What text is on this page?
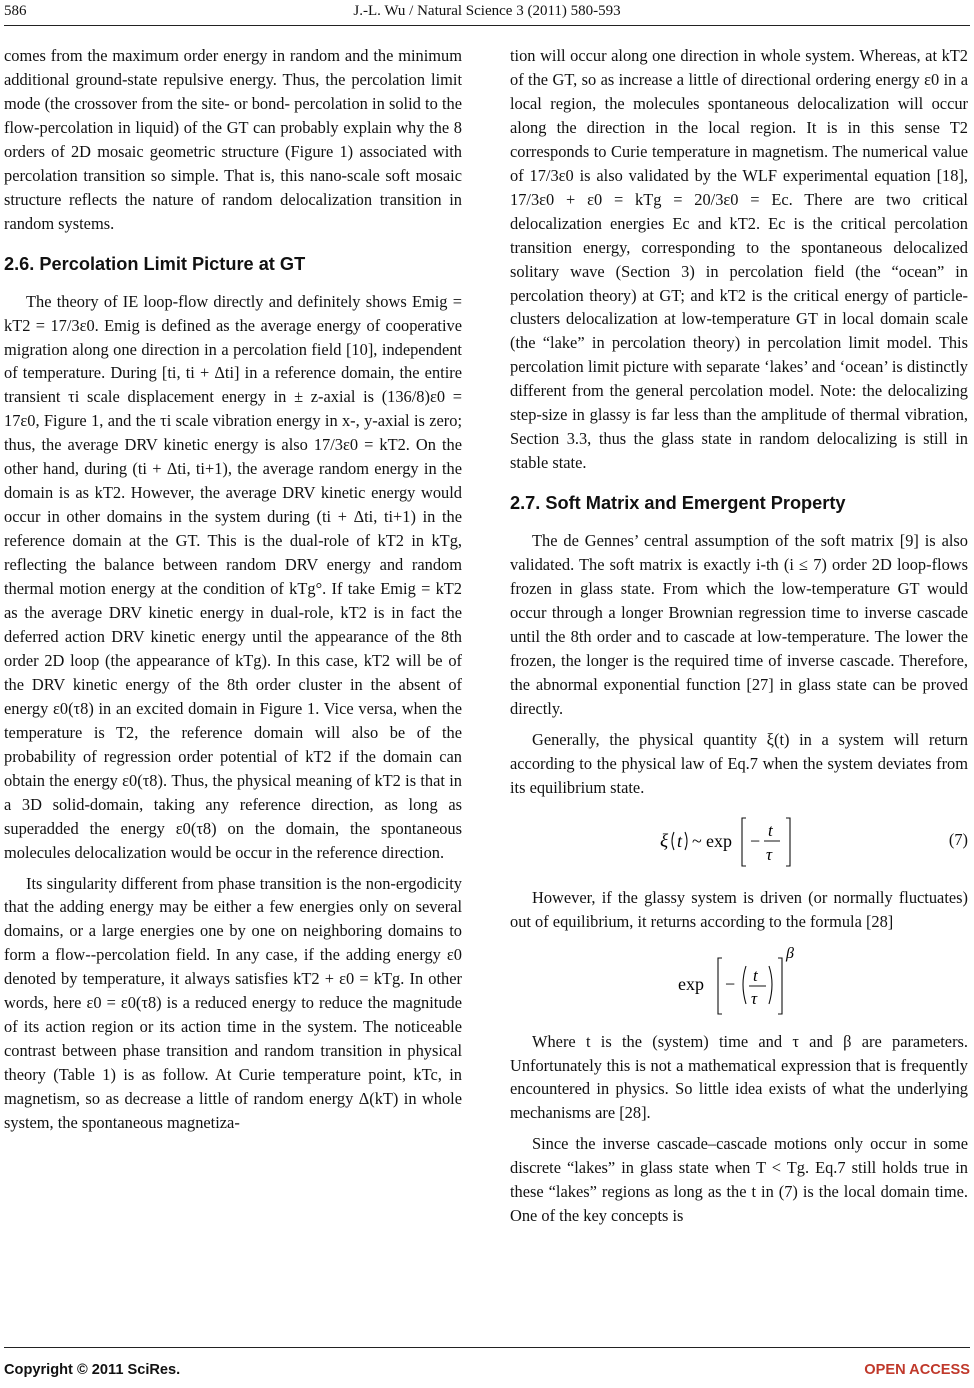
586	J.-L. Wu / Natural Science 3 (2011) 580-593

comes from the maximum order energy in random and the minimum additional ground-state repulsive energy. Thus, the percolation limit mode (the crossover from the site- or bond- percolation in solid to the flow-percolation in liquid) of the GT can probably explain why the 8 orders of 2D mosaic geometric structure (Figure 1) associated with percolation transition so simple. That is, this nano-scale soft mosaic structure reflects the nature of random delocalization transition in random systems.

2.6. Percolation Limit Picture at GT

The theory of IE loop-flow directly and definitely shows Emig = kT2 = 17/3ε0. Emig is defined as the average energy of cooperative migration along one direction in a percolation field [10], independent of temperature. During [ti, ti + Δti] in a reference domain, the entire transient τi scale displacement energy in ± z-axial is (136/8)ε0 = 17ε0, Figure 1, and the τi scale vibration energy in x-, y-axial is zero; thus, the average DRV kinetic energy is also 17/3ε0 = kT2. On the other hand, during (ti + Δti, ti+1), the average random energy in the domain is as kT2. However, the average DRV kinetic energy would occur in other domains in the system during (ti + Δti, ti+1) in the reference domain at the GT. This is the dual-role of kT2 in kTg, reflecting the balance between random DRV energy and random thermal motion energy at the condition of kTg°. If take Emig = kT2 as the average DRV kinetic energy in dual-role, kT2 is in fact the deferred action DRV kinetic energy until the appearance of the 8th order 2D loop (the appearance of kTg). In this case, kT2 will be of the DRV kinetic energy of the 8th order cluster in the absent of energy ε0(τ8) in an excited domain in Figure 1. Vice versa, when the temperature is T2, the reference domain will also be of the probability of regression order potential of kT2 if the domain can obtain the energy ε0(τ8). Thus, the physical meaning of kT2 is that in a 3D solid-domain, taking any reference direction, as long as superadded the energy ε0(τ8) on the domain, the spontaneous molecules delocalization would be occur in the reference direction.

Its singularity different from phase transition is the non-ergodicity that the adding energy may be either a few energies only on several domains, or a large energies one by one on neighboring domains to form a flow--percolation field. In any case, if the adding energy ε0 denoted by temperature, it always satisfies kT2 + ε0 = kTg. In other words, here ε0 = ε0(τ8) is a reduced energy to reduce the magnitude of its action region or its action time in the system. The noticeable contrast between phase transition and random transition in physical theory (Table 1) is as follow. At Curie temperature point, kTc, in magnetism, so as decrease a little of random energy Δ(kT) in whole system, the spontaneous magnetiza-

tion will occur along one direction in whole system. Whereas, at kT2 of the GT, so as increase a little of directional ordering energy ε0 in a local region, the molecules spontaneous delocalization will occur along the direction in the local region. It is in this sense T2 corresponds to Curie temperature in magnetism. The numerical value of 17/3ε0 is also validated by the WLF experimental equation [18], 17/3ε0 + ε0 = kTg = 20/3ε0 = Ec. There are two critical delocalization energies Ec and kT2. Ec is the critical percolation transition energy, corresponding to the spontaneous delocalized solitary wave (Section 3) in percolation field (the “ocean” in percolation theory) at GT; and kT2 is the critical energy of particle-clusters delocalization at low-temperature GT in local domain scale (the “lake” in percolation theory) in percolation limit model. This percolation limit picture with separate ‘lakes’ and ‘ocean’ is distinctly different from the general percolation model. Note: the delocalizing step-size in glassy is far less than the amplitude of thermal vibration, Section 3.3, thus the glass state in random delocalizing is still in stable state.

2.7. Soft Matrix and Emergent Property

The de Gennes’ central assumption of the soft matrix [9] is also validated. The soft matrix is exactly i-th (i ≤ 7) order 2D loop-flows frozen in glass state. From which the low-temperature GT would occur through a longer Brownian regression time to inverse cascade until the 8th order and to cascade at low-temperature. The lower the frozen, the longer is the required time of inverse cascade. Therefore, the abnormal exponential function [27] in glass state can be proved directly.

Generally, the physical quantity ξ(t) in a system will return according to the physical law of Eq.7 when the system deviates from its equilibrium state.

ξ t ~ exp −
t
τ
(7)

However, if the glassy system is driven (or normally fluctuates) out of equilibrium, it returns according to the formula [28]

exp − t
τ
β

Where t is the (system) time and τ and β are parameters. Unfortunately this is not a mathematical expression that is frequently encountered in physics. So little idea exists of what the underlying mechanisms are [28].

Since the inverse cascade–cascade motions only occur in some discrete “lakes” in glass state when T < Tg. Eq.7 still holds true in these “lakes” regions as long as the t in (7) is the local domain time. One of the key concepts is

Copyright © 2011 SciRes.	OPEN ACCESS
